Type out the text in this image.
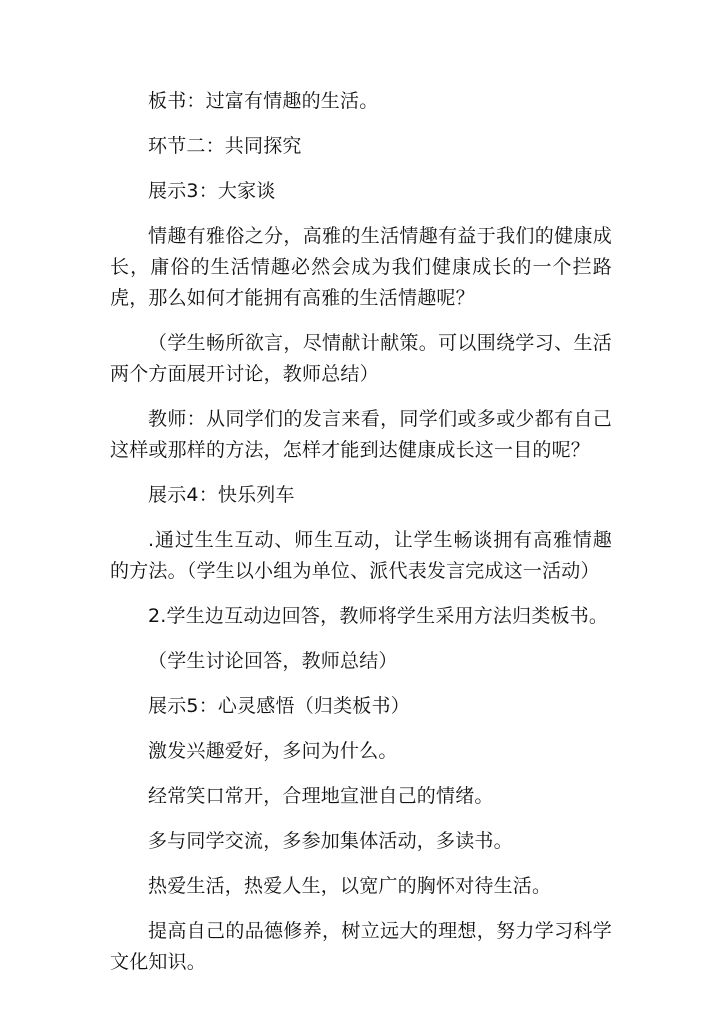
板书：过富有情趣的生活。

环节二：共同探究

展示3：大家谈

情趣有雅俗之分，高雅的生活情趣有益于我们的健康成长，庸俗的生活情趣必然会成为我们健康成长的一个拦路虎，那么如何才能拥有高雅的生活情趣呢？

（学生畅所欲言，尽情献计献策。可以围绕学习、生活两个方面展开讨论，教师总结）

教师：从同学们的发言来看，同学们或多或少都有自己这样或那样的方法，怎样才能到达健康成长这一目的呢？

展示4：快乐列车

.通过生生互动、师生互动，让学生畅谈拥有高雅情趣的方法。（学生以小组为单位、派代表发言完成这一活动）

2.学生边互动边回答，教师将学生采用方法归类板书。

（学生讨论回答，教师总结）

展示5：心灵感悟（归类板书）

激发兴趣爱好，多问为什么。

经常笑口常开，合理地宣泄自己的情绪。

多与同学交流，多参加集体活动，多读书。

热爱生活，热爱人生，以宽广的胸怀对待生活。

提高自己的品德修养，树立远大的理想，努力学习科学文化知识。
